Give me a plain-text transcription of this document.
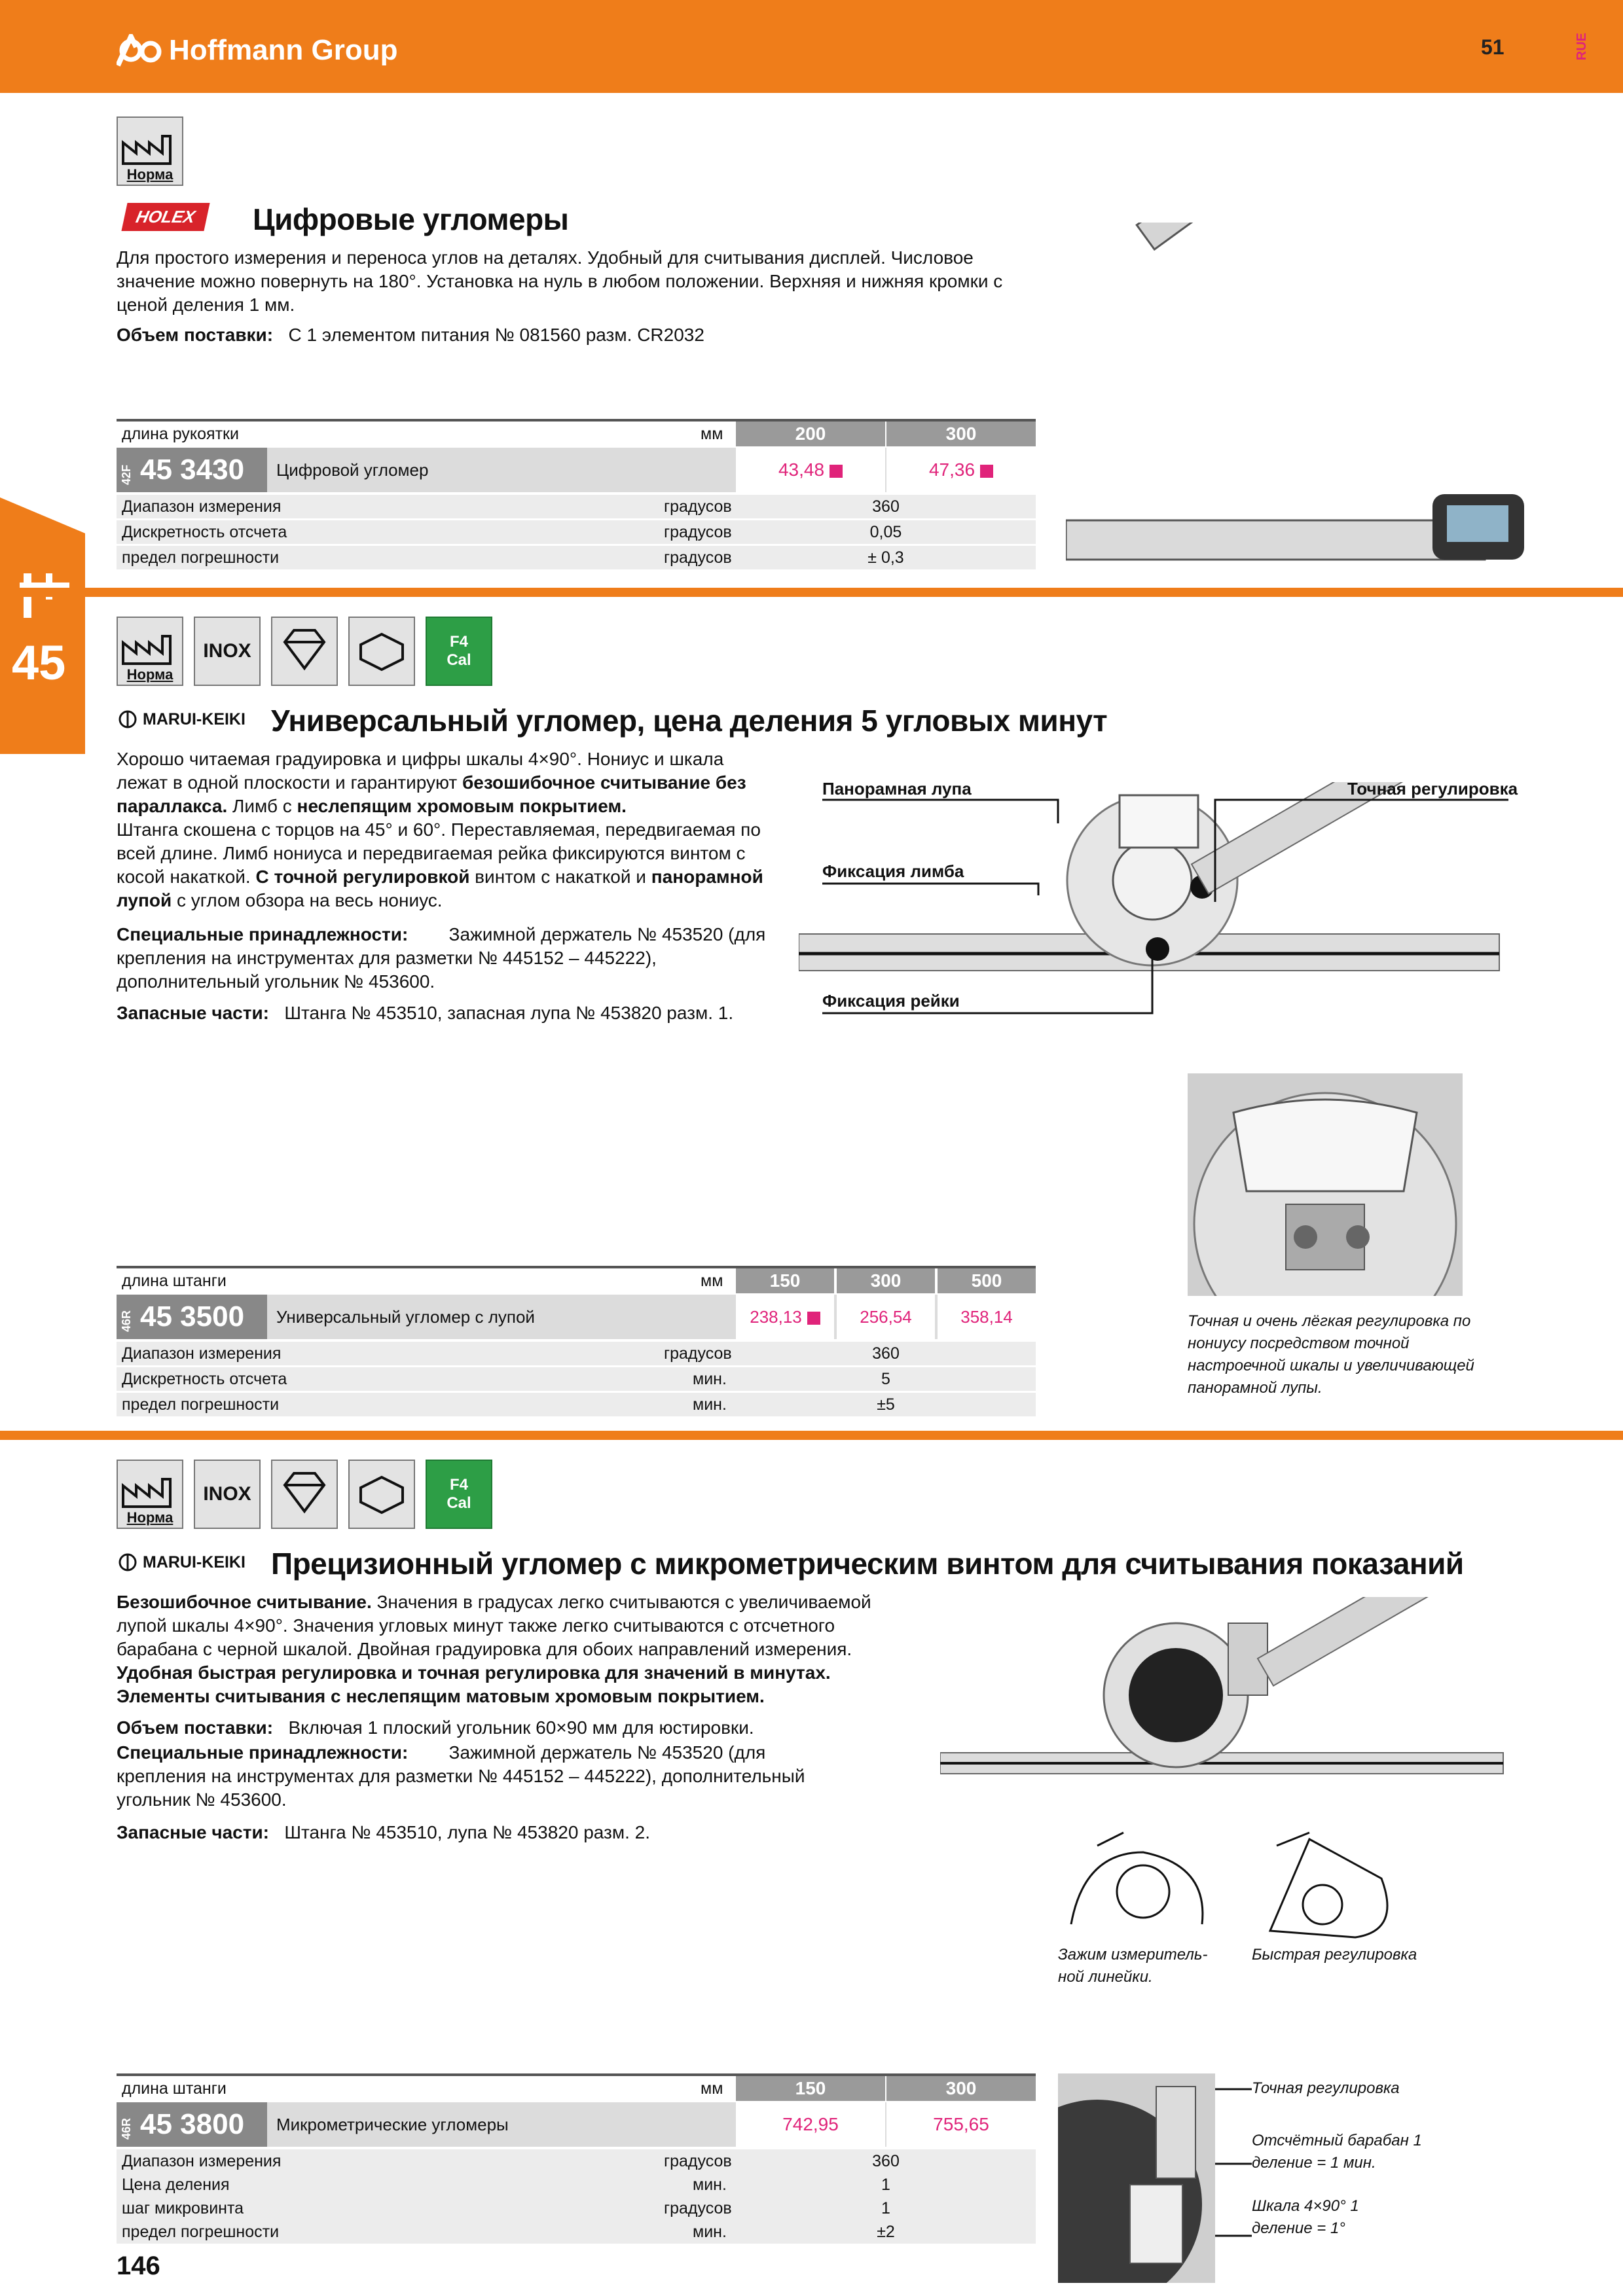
Hoffmann Group	51	RUE
45
Норма
HOLEX	Цифровые угломеры
Для простого измерения и переноса углов на деталях. Удобный для считывания дисплей. Числовое значение можно повернуть на 180°. Установка на нуль в любом положении. Верхняя и нижняя кромки с ценой деления 1 мм.
Объем поставки: С 1 элементом питания № 081560 разм. CR2032
длина рукоятки	мм	200	300
42F 45 3430	Цифровой угломер	43,48	47,36
Диапазон измерения	градусов	360
Дискретность отсчета	градусов	0,05
предел погрешности	градусов	± 0,3
Норма
INOX	F4
Cal
MARUI-KEIKI Универсальный угломер, цена деления 5 угловых минут
Хорошо читаемая градуировка и цифры шкалы 4×90°. Нониус и шкала лежат в одной плоскости и гарантируют безошибочное считывание без параллакса. Лимб с неслепящим хромовым покрытием.
Штанга скошена с торцов на 45° и 60°. Переставляемая, передвигаемая по всей длине. Лимб нониуса и передвигаемая рейка фиксируются винтом с косой накаткой. С точной регулировкой винтом с накаткой и панорамной лупой с углом обзора на весь нониус.
Специальные принадлежности: Зажимной держатель № 453520 (для крепления на инструментах для разметки № 445152 – 445222), дополнительный угольник № 453600.
Запасные части: Штанга № 453510, запасная лупа № 453820 разм. 1.
Панорамная лупа	Точная регулировка
Фиксация лимба
Фиксация рейки
Точная и очень лёгкая регулировка по нониусу посредством точной настроечной шкалы и увеличивающей панорамной лупы.
длина штанги	мм	150	300	500
46R 45 3500	Универсальный угломер с лупой	238,13	256,54	358,14
Диапазон измерения	градусов	360
Дискретность отсчета	мин.	5
предел погрешности	мин.	±5
Норма
INOX	F4
Cal
MARUI-KEIKI Прецизионный угломер с микрометрическим винтом для считывания показаний
Безошибочное считывание. Значения в градусах легко считываются с увеличиваемой лупой шкалы 4×90°. Значения угловых минут также легко считываются с отсчетного барабана с черной шкалой. Двойная градуировка для обоих направлений измерения.
Удобная быстрая регулировка и точная регулировка для значений в минутах.
Элементы считывания с неслепящим матовым хромовым покрытием.
Объем поставки: Включая 1 плоский угольник 60×90 мм для юстировки.
Специальные принадлежности: Зажимной держатель № 453520 (для крепления на инструментах для разметки № 445152 – 445222), дополнительный угольник № 453600.
Запасные части: Штанга № 453510, лупа № 453820 разм. 2.
Зажим измеритель- ной линейки.
Быстрая регулировка
Точная регулировка
Отсчётный барабан 1 деление = 1 мин.
Шкала 4×90° 1 деление = 1°
длина штанги	мм	150	300
46R 45 3800	Микрометрические угломеры	742,95	755,65
Диапазон измерения	градусов	360
Цена деления	мин.	1
шаг микровинта	градусов	1
предел погрешности	мин.	±2
146
